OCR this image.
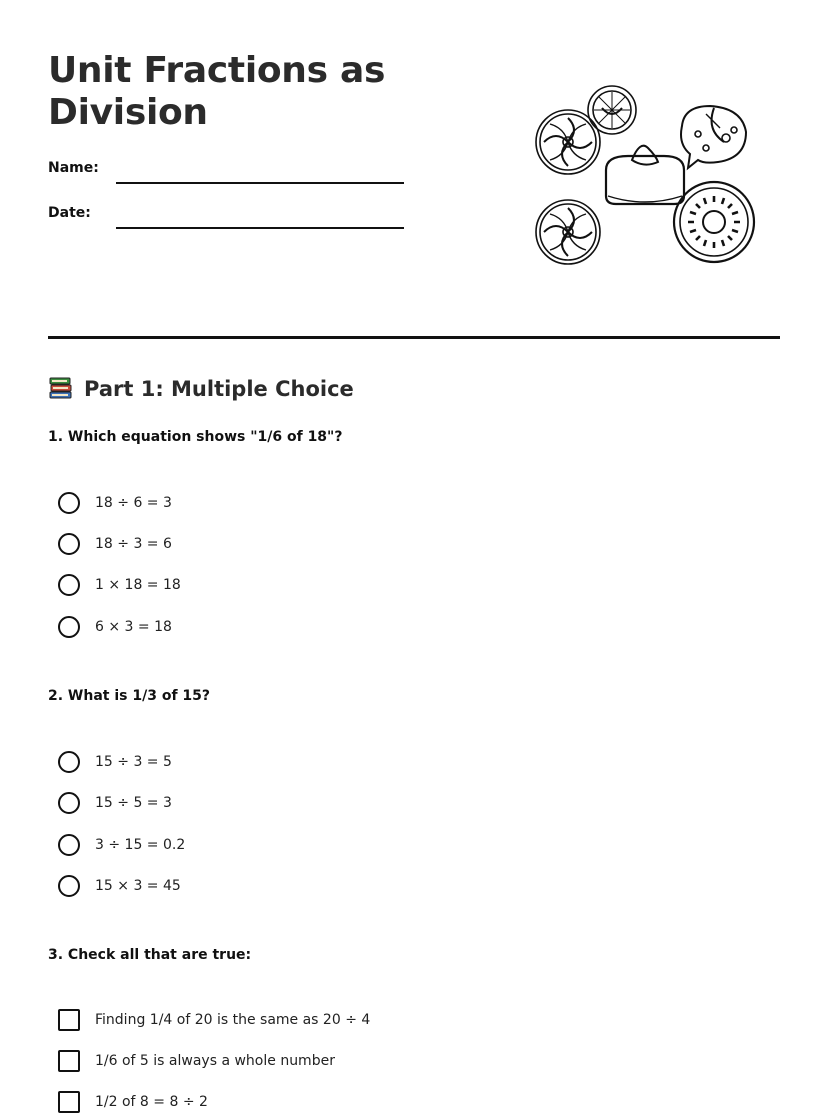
Unit Fractions as Division
Name:
Date:
Part 1: Multiple Choice

1. Which equation shows "1/6 of 18"?

18 ÷ 6 = 3
18 ÷ 3 = 6
1 × 18 = 18
6 × 3 = 18

2. What is 1/3 of 15?

15 ÷ 3 = 5
15 ÷ 5 = 3
3 ÷ 15 = 0.2
15 × 3 = 45

3. Check all that are true:

Finding 1/4 of 20 is the same as 20 ÷ 4
1/6 of 5 is always a whole number
1/2 of 8 = 8 ÷ 2
